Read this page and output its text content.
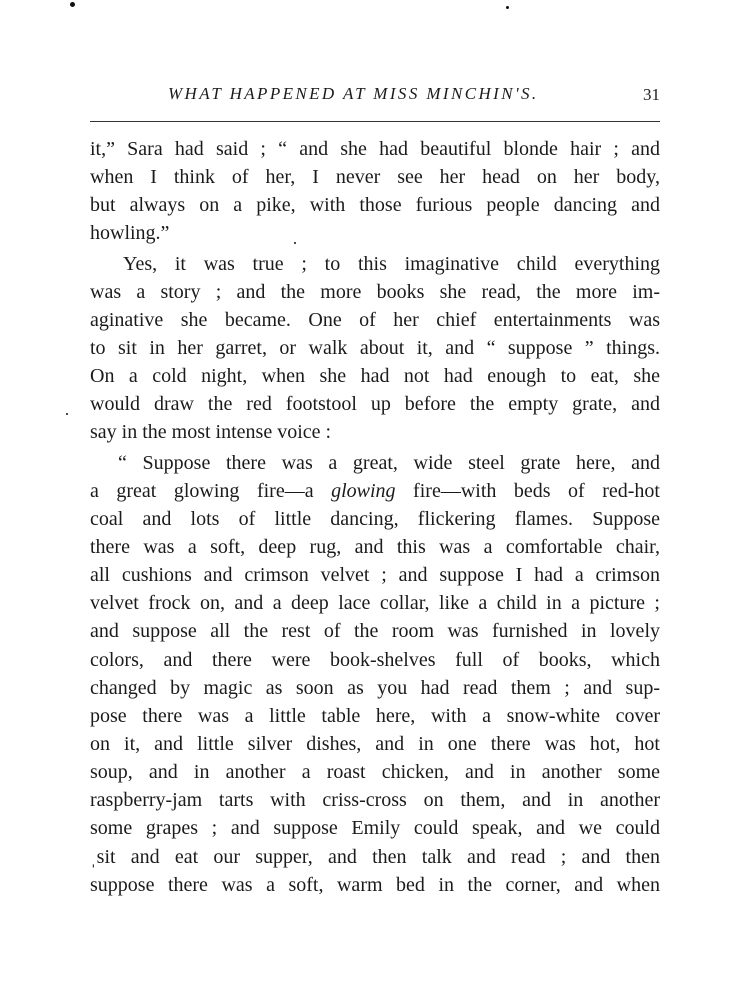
WHAT HAPPENED AT MISS MINCHIN'S.	31
it,” Sara had said ; “ and she had beautiful blonde hair ; and
when I think of her, I never see her head on her body,
but always on a pike, with those furious people dancing and
howling.”
Yes, it was true ; to this imaginative child everything
was a story ; and the more books she read, the more im-
aginative she became. One of her chief entertainments was
to sit in her garret, or walk about it, and “ suppose ” things.
On a cold night, when she had not had enough to eat, she
would draw the red footstool up before the empty grate, and
say in the most intense voice :
“ Suppose there was a great, wide steel grate here, and
a great glowing fire—a glowing fire—with beds of red-hot
coal and lots of little dancing, flickering flames. Suppose
there was a soft, deep rug, and this was a comfortable chair,
all cushions and crimson velvet ; and suppose I had a crimson
velvet frock on, and a deep lace collar, like a child in a picture ;
and suppose all the rest of the room was furnished in lovely
colors, and there were book-shelves full of books, which
changed by magic as soon as you had read them ; and sup-
pose there was a little table here, with a snow-white cover
on it, and little silver dishes, and in one there was hot, hot
soup, and in another a roast chicken, and in another some
raspberry-jam tarts with criss-cross on them, and in another
some grapes ; and suppose Emily could speak, and we could
ˌsit and eat our supper, and then talk and read ; and then
suppose there was a soft, warm bed in the corner, and when
